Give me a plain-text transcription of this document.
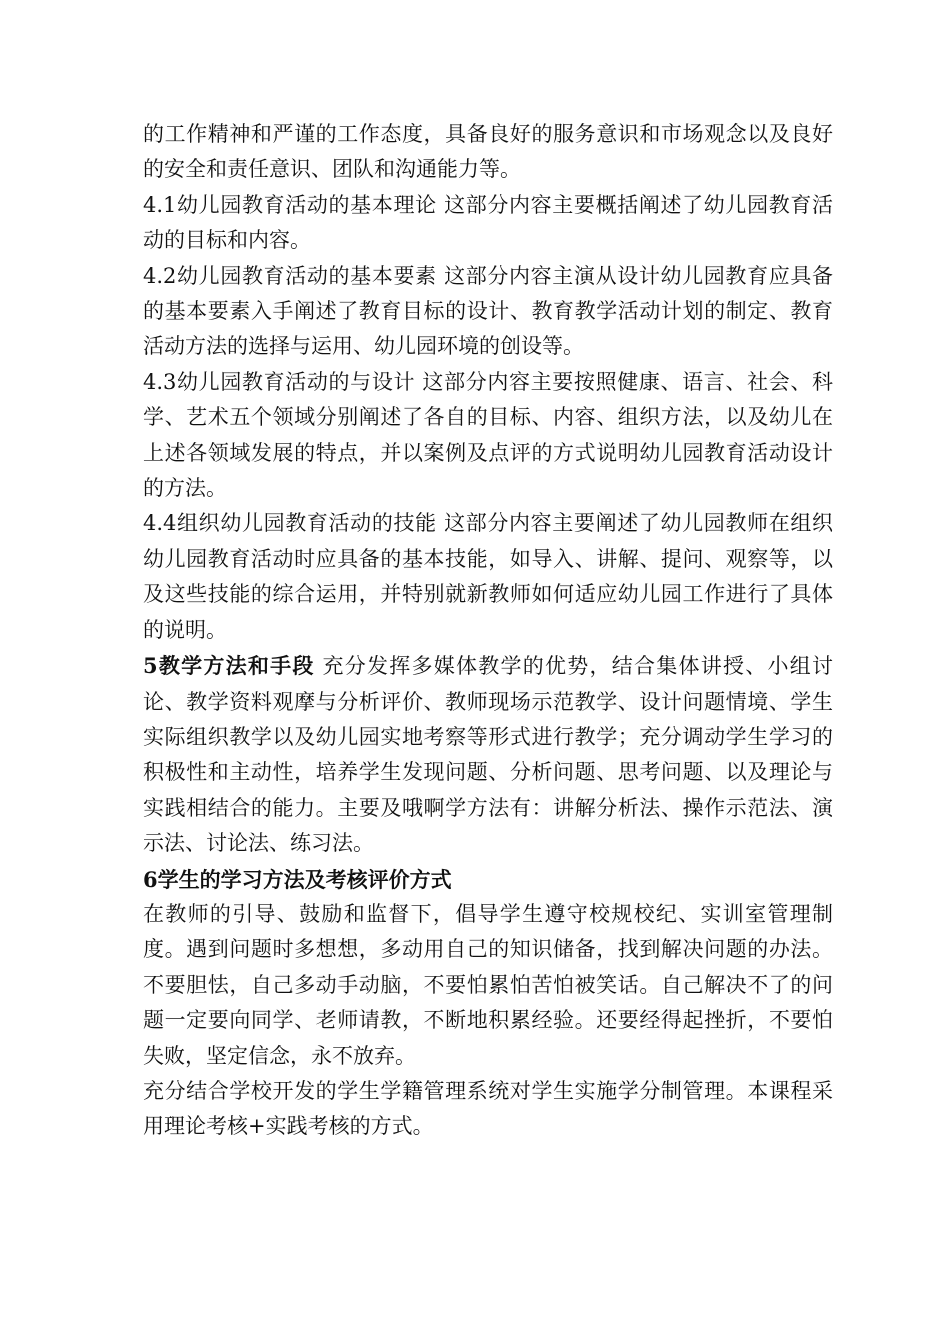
的工作精神和严谨的工作态度，具备良好的服务意识和市场观念以及良好的安全和责任意识、团队和沟通能力等。

4.1幼儿园教育活动的基本理论 这部分内容主要概括阐述了幼儿园教育活动的目标和内容。

4.2幼儿园教育活动的基本要素 这部分内容主演从设计幼儿园教育应具备的基本要素入手阐述了教育目标的设计、教育教学活动计划的制定、教育活动方法的选择与运用、幼儿园环境的创设等。

4.3幼儿园教育活动的与设计 这部分内容主要按照健康、语言、社会、科学、艺术五个领域分别阐述了各自的目标、内容、组织方法，以及幼儿在上述各领域发展的特点，并以案例及点评的方式说明幼儿园教育活动设计的方法。

4.4组织幼儿园教育活动的技能 这部分内容主要阐述了幼儿园教师在组织幼儿园教育活动时应具备的基本技能，如导入、讲解、提问、观察等，以及这些技能的综合运用，并特别就新教师如何适应幼儿园工作进行了具体的说明。

5教学方法和手段 充分发挥多媒体教学的优势，结合集体讲授、小组讨论、教学资料观摩与分析评价、教师现场示范教学、设计问题情境、学生实际组织教学以及幼儿园实地考察等形式进行教学；充分调动学生学习的积极性和主动性，培养学生发现问题、分析问题、思考问题、以及理论与实践相结合的能力。主要及哦啊学方法有：讲解分析法、操作示范法、演示法、讨论法、练习法。

6学生的学习方法及考核评价方式

在教师的引导、鼓励和监督下，倡导学生遵守校规校纪、实训室管理制度。遇到问题时多想想，多动用自己的知识储备，找到解决问题的办法。不要胆怯，自己多动手动脑，不要怕累怕苦怕被笑话。自己解决不了的问题一定要向同学、老师请教，不断地积累经验。还要经得起挫折，不要怕失败，坚定信念，永不放弃。

充分结合学校开发的学生学籍管理系统对学生实施学分制管理。本课程采用理论考核+实践考核的方式。
